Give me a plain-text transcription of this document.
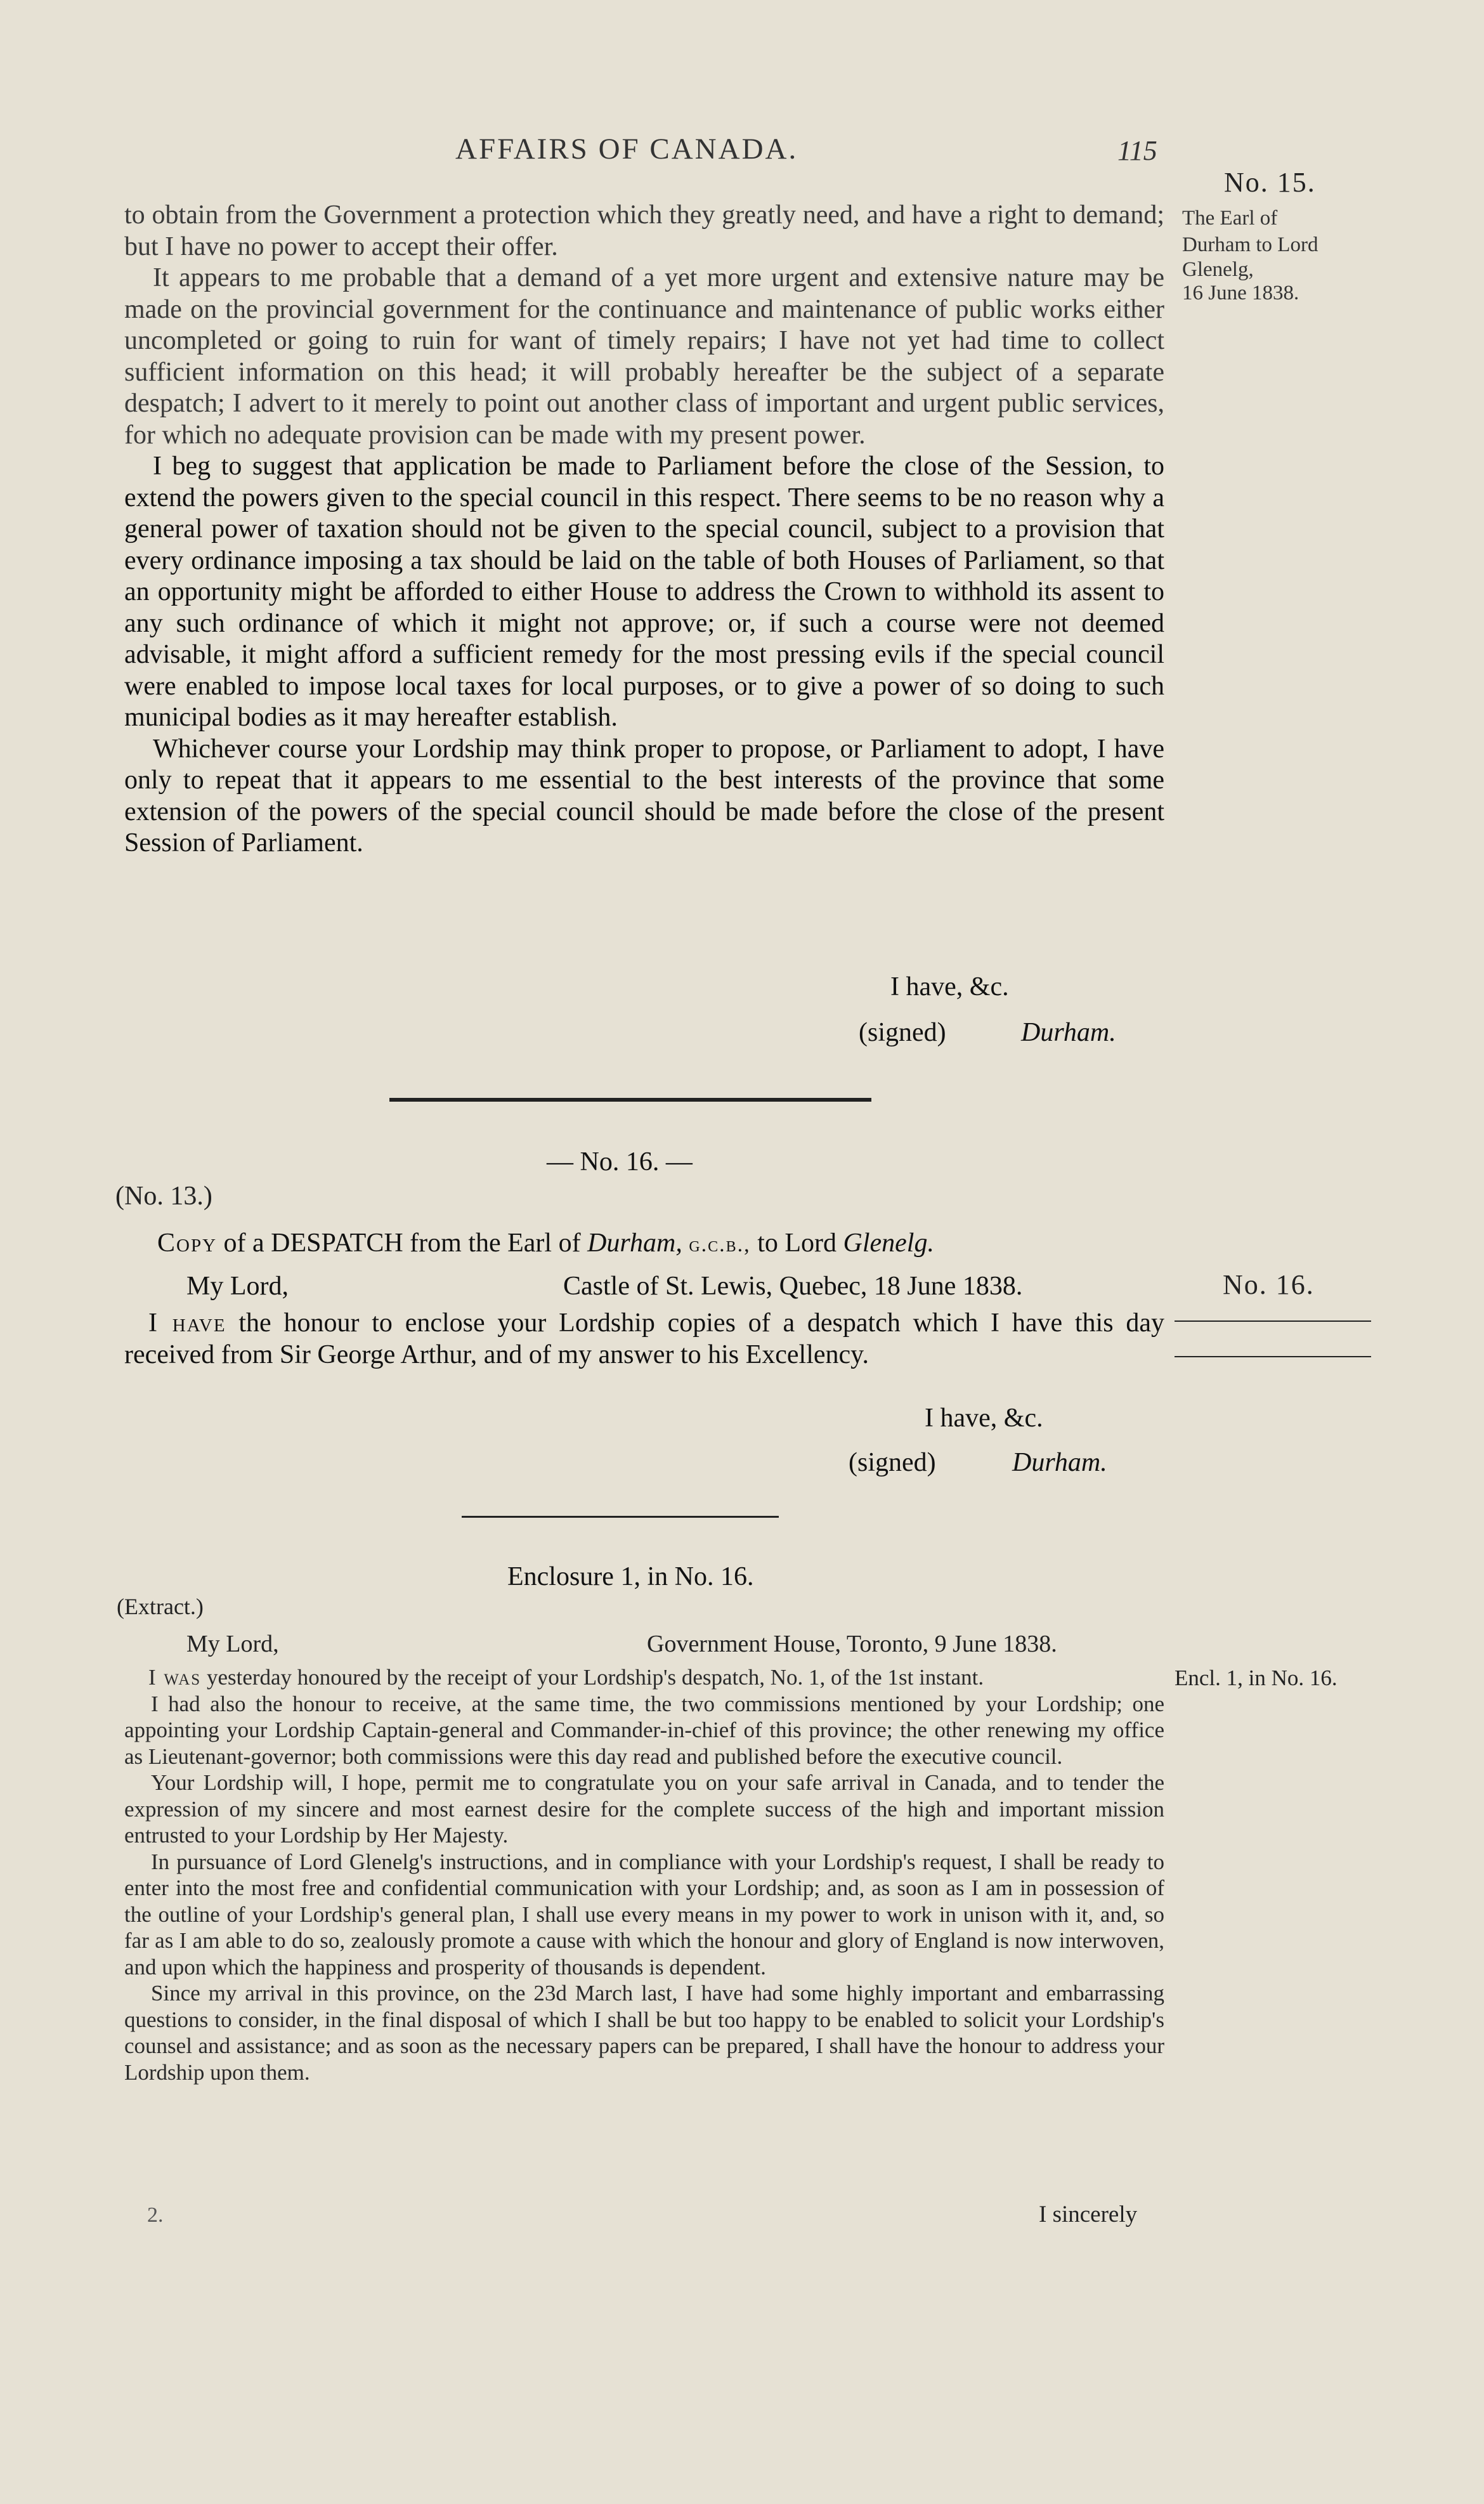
AFFAIRS OF CANADA.	115
No. 15.
The Earl of
Durham to Lord
Glenelg,
16 June 1838.

to obtain from the Government a protection which they greatly need, and have a right to demand; but I have no power to accept their offer.

It appears to me probable that a demand of a yet more urgent and extensive nature may be made on the provincial government for the continuance and maintenance of public works either uncompleted or going to ruin for want of timely repairs; I have not yet had time to collect sufficient information on this head; it will probably hereafter be the subject of a separate despatch; I advert to it merely to point out another class of important and urgent public services, for which no adequate provision can be made with my present power.

I beg to suggest that application be made to Parliament before the close of the Session, to extend the powers given to the special council in this respect. There seems to be no reason why a general power of taxation should not be given to the special council, subject to a provision that every ordinance imposing a tax should be laid on the table of both Houses of Parliament, so that an opportunity might be afforded to either House to address the Crown to withhold its assent to any such ordinance of which it might not approve; or, if such a course were not deemed advisable, it might afford a sufficient remedy for the most pressing evils if the special council were enabled to impose local taxes for local purposes, or to give a power of so doing to such municipal bodies as it may hereafter establish.

Whichever course your Lordship may think proper to propose, or Parliament to adopt, I have only to repeat that it appears to me essential to the best interests of the province that some extension of the powers of the special council should be made before the close of the present Session of Parliament.

I have, &c.
(signed)	Durham.
— No. 16. —
(No. 13.)
Copy of a DESPATCH from the Earl of Durham, g.c.b., to Lord Glenelg.
No. 16.
My Lord,	Castle of St. Lewis, Quebec, 18 June 1838.

I have the honour to enclose your Lordship copies of a despatch which I have this day received from Sir George Arthur, and of my answer to his Excellency.

I have, &c.
(signed)	Durham.
Enclosure 1, in No. 16.
(Extract.)
My Lord,	Government House, Toronto, 9 June 1838.
Encl. 1, in No. 16.

I was yesterday honoured by the receipt of your Lordship's despatch, No. 1, of the 1st instant.

I had also the honour to receive, at the same time, the two commissions mentioned by your Lordship; one appointing your Lordship Captain-general and Commander-in-chief of this province; the other renewing my office as Lieutenant-governor; both commissions were this day read and published before the executive council.

Your Lordship will, I hope, permit me to congratulate you on your safe arrival in Canada, and to tender the expression of my sincere and most earnest desire for the complete success of the high and important mission entrusted to your Lordship by Her Majesty.

In pursuance of Lord Glenelg's instructions, and in compliance with your Lordship's request, I shall be ready to enter into the most free and confidential communication with your Lordship; and, as soon as I am in possession of the outline of your Lordship's general plan, I shall use every means in my power to work in unison with it, and, so far as I am able to do so, zealously promote a cause with which the honour and glory of England is now interwoven, and upon which the happiness and prosperity of thousands is dependent.

Since my arrival in this province, on the 23d March last, I have had some highly important and embarrassing questions to consider, in the final disposal of which I shall be but too happy to be enabled to solicit your Lordship's counsel and assistance; and as soon as the necessary papers can be prepared, I shall have the honour to address your Lordship upon them.

2.	I sincerely
